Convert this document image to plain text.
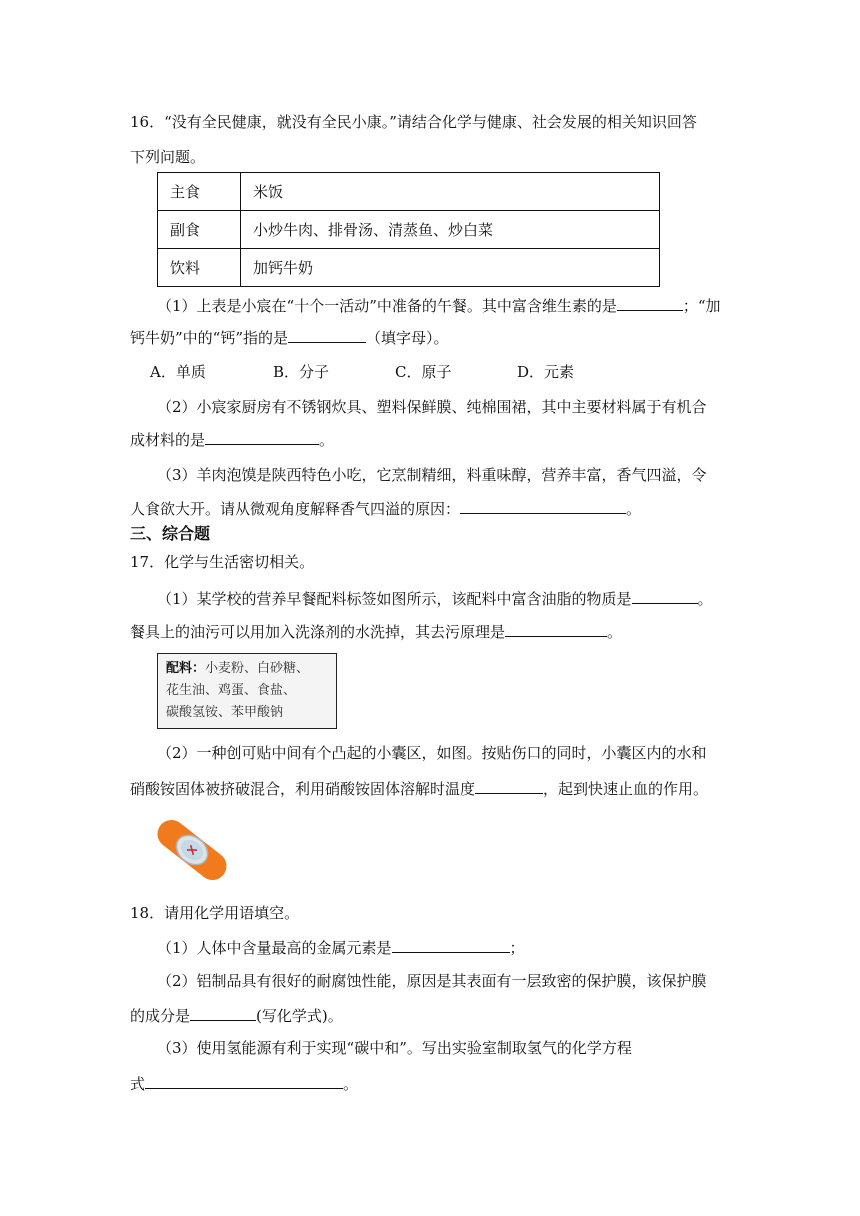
16．“没有全民健康，就没有全民小康。”请结合化学与健康、社会发展的相关知识回答
下列问题。
主食	米饭
副食	小炒牛肉、排骨汤、清蒸鱼、炒白菜
饮料	加钙牛奶
（1）上表是小宸在“十个一活动”中准备的午餐。其中富含维生素的是	；“加
钙牛奶”中的“钙”指的是	（填字母）。
A．单质	B．分子	C．原子	D．元素
（2）小宸家厨房有不锈钢炊具、塑料保鲜膜、纯棉围裙，其中主要材料属于有机合
成材料的是	。
（3）羊肉泡馍是陕西特色小吃，它烹制精细，料重味醇，营养丰富，香气四溢，令
人食欲大开。请从微观角度解释香气四溢的原因：	。
三、综合题
17．化学与生活密切相关。
（1）某学校的营养早餐配料标签如图所示，该配料中富含油脂的物质是	。
餐具上的油污可以用加入洗涤剂的水洗掉，其去污原理是	。
配料：小麦粉、白砂糖、
花生油、鸡蛋、食盐、
碳酸氢铵、苯甲酸钠
（2）一种创可贴中间有个凸起的小囊区，如图。按贴伤口的同时，小囊区内的水和
硝酸铵固体被挤破混合，利用硝酸铵固体溶解时温度	，起到快速止血的作用。
18．请用化学用语填空。
（1）人体中含量最高的金属元素是	；
（2）铝制品具有很好的耐腐蚀性能，原因是其表面有一层致密的保护膜，该保护膜
的成分是	(写化学式)。
（3）使用氢能源有利于实现“碳中和”。写出实验室制取氢气的化学方程
式	。
